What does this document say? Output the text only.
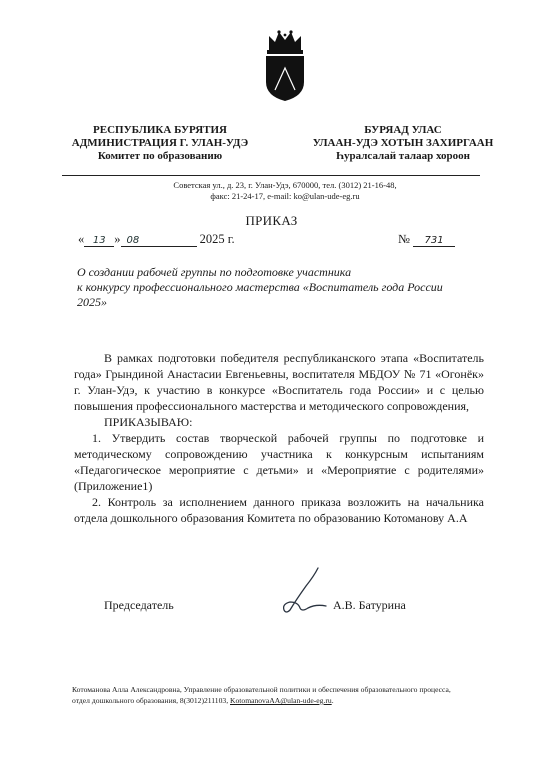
РЕСПУБЛИКА БУРЯТИЯ
АДМИНИСТРАЦИЯ Г. УЛАН-УДЭ
Комитет по образованию
БУРЯАД УЛАС
УЛААН-УДЭ ХОТЫН ЗАХИРГААН
Һуралсалай талаар хороон
Советская ул., д. 23, г. Улан-Удэ, 670000, тел. (3012) 21-16-48,
факс: 21-24-17, e-mail: ko@ulan-ude-eg.ru
ПРИКАЗ
« 13 » 08	2025 г.	№ 731
О создании рабочей группы по подготовке участника
к конкурсу профессионального мастерства «Воспитатель года России
2025»

В рамках подготовки победителя республиканского этапа «Воспитатель года» Грындиной Анастасии Евгеньевны, воспитателя МБДОУ № 71 «Огонёк» г. Улан-Удэ, к участию в конкурсе «Воспитатель года России» и с целью повышения профессионального мастерства и методического сопровождения,

ПРИКАЗЫВАЮ:

1. Утвердить состав творческой рабочей группы по подготовке и методическому сопровождению участника к конкурсным испытаниям «Педагогическое мероприятие с детьми» и «Мероприятие с родителями» (Приложение1)

2. Контроль за исполнением данного приказа возложить на начальника отдела дошкольного образования Комитета по образованию Котоманову А.А

Председатель	А.В. Батурина
Котоманова Алла Александровна, Управление образовательной политики и обеспечения образовательного процесса,
отдел дошкольного образования, 8(3012)211103, KotomanovaAA@ulan-ude-eg.ru.
